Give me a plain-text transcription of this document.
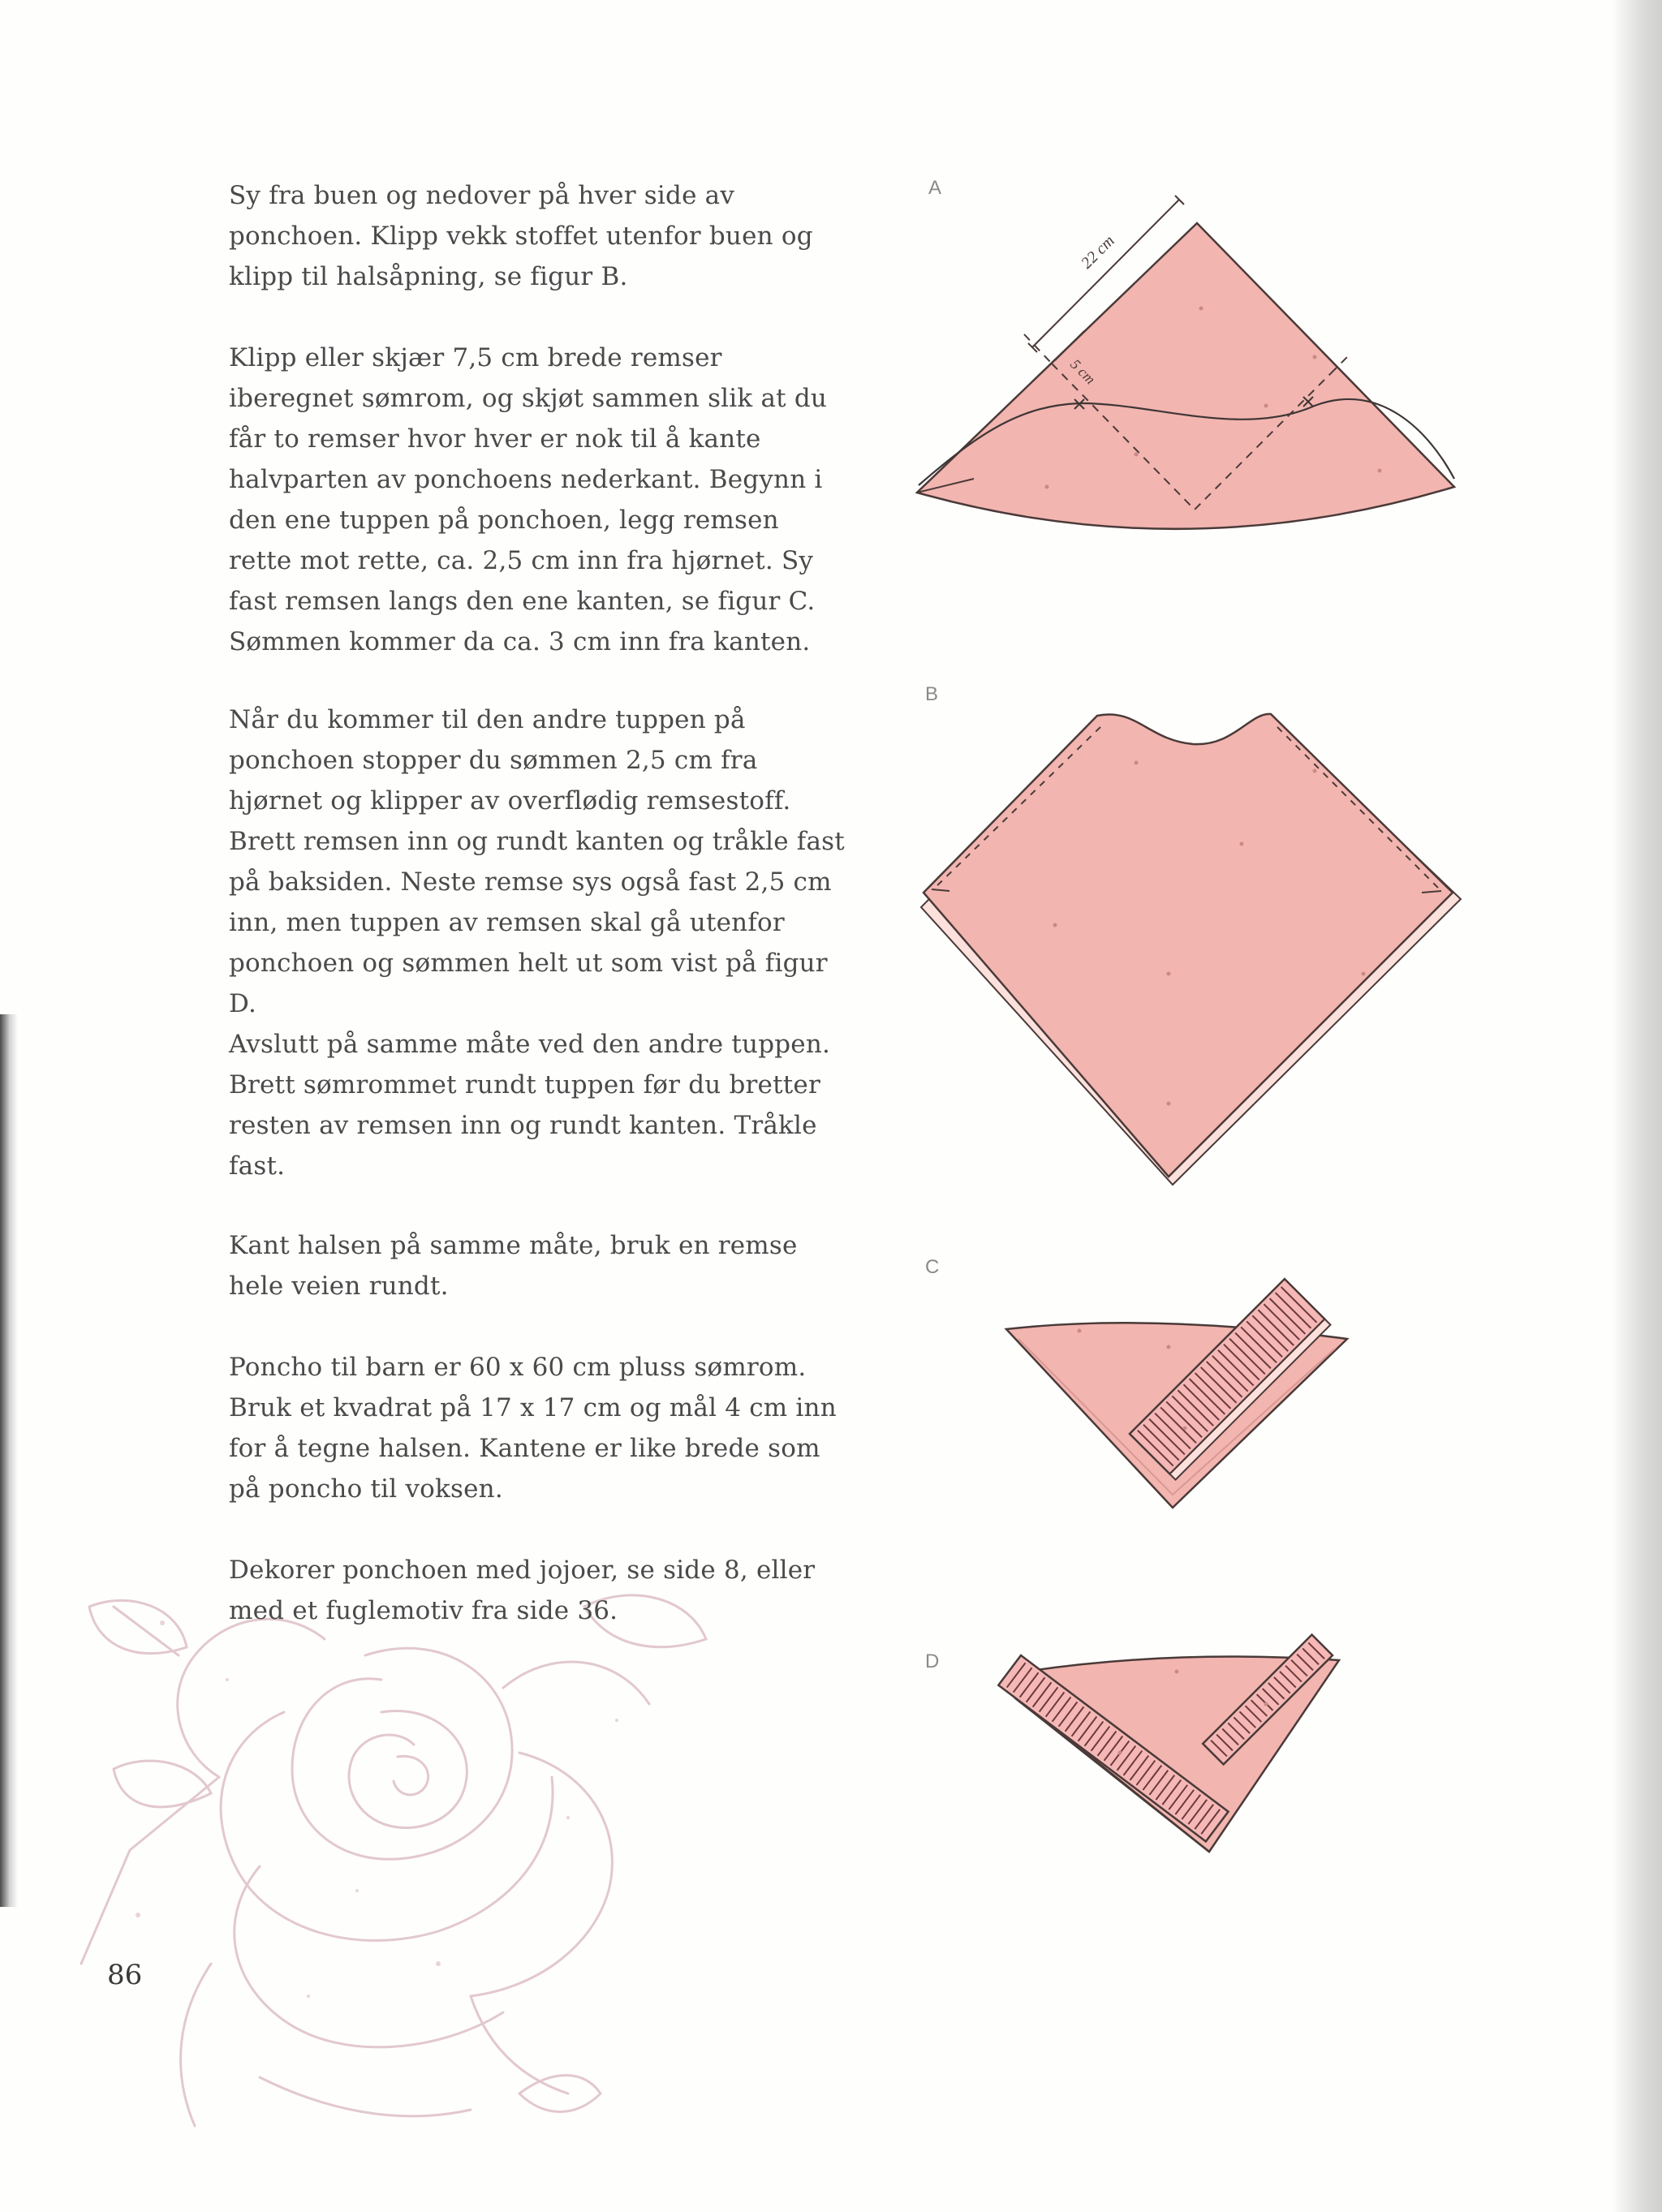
Sy fra buen og nedover på hver side av ponchoen. Klipp vekk stoffet utenfor buen og klipp til halsåpning, se figur B.

Klipp eller skjær 7,5 cm brede remser iberegnet sømrom, og skjøt sammen slik at du får to remser hvor hver er nok til å kante halvparten av ponchoens nederkant. Begynn i den ene tuppen på ponchoen, legg remsen rette mot rette, ca. 2,5 cm inn fra hjørnet. Sy fast remsen langs den ene kanten, se figur C. Sømmen kommer da ca. 3 cm inn fra kanten.

Når du kommer til den andre tuppen på ponchoen stopper du sømmen 2,5 cm fra hjørnet og klipper av overflødig remsestoff. Brett remsen inn og rundt kanten og tråkle fast på baksiden. Neste remse sys også fast 2,5 cm inn, men tuppen av remsen skal gå utenfor ponchoen og sømmen helt ut som vist på figur D.

Avslutt på samme måte ved den andre tuppen. Brett sømrommet rundt tuppen før du bretter resten av remsen inn og rundt kanten. Tråkle fast.

Kant halsen på samme måte, bruk en remse hele veien rundt.

Poncho til barn er 60 x 60 cm pluss sømrom. Bruk et kvadrat på 17 x 17 cm og mål 4 cm inn for å tegne halsen. Kantene er like brede som på poncho til voksen.

Dekorer ponchoen med jojoer, se side 8, eller med et fuglemotiv fra side 36.

A
B
C
D
22 cm
5 cm
86
